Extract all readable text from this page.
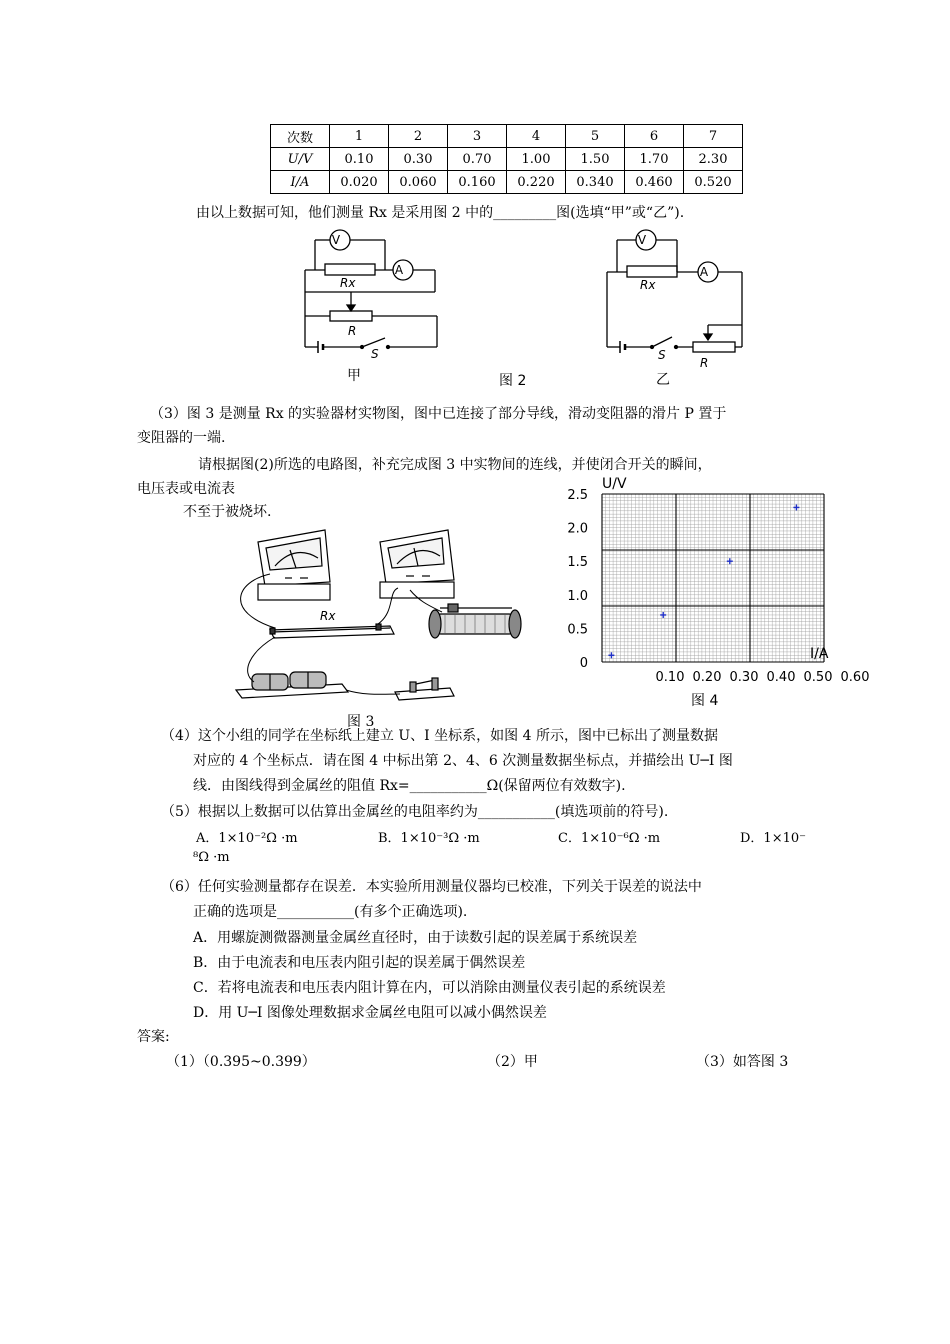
次数	1	2	3	4	5	6	7
U/V	0.10	0.30	0.70	1.00	1.50	1.70	2.30
I/A	0.020	0.060	0.160	0.220	0.340	0.460	0.520
由以上数据可知，他们测量 Rx 是采用图 2 中的_________图(选填“甲”或“乙”).
V
A
Rx
R
S
V
A
Rx
R
S
甲	图 2	乙
（3）图 3 是测量 Rx 的实验器材实物图，图中已连接了部分导线，滑动变阻器的滑片 P 置于
变阻器的一端.
请根据图(2)所选的电路图，补充完成图 3 中实物间的连线，并使闭合开关的瞬间，
电压表或电流表
不至于被烧坏.
Rx
图 3
2.5
2.0
1.5
1.0
0.5
0
0.10 0.20 0.30 0.40 0.50 0.60
U/V
I/A
图 4
（4）这个小组的同学在坐标纸上建立 U、I 坐标系，如图 4 所示，图中已标出了测量数据
对应的 4 个坐标点．请在图 4 中标出第 2、4、6 次测量数据坐标点，并描绘出 U─I 图
线．由图线得到金属丝的阻值 Rx=___________Ω(保留两位有效数字).
（5）根据以上数据可以估算出金属丝的电阻率约为___________(填选项前的符号).
A．1×10⁻²Ω ·m	B．1×10⁻³Ω ·m	C．1×10⁻⁶Ω ·m	D．1×10⁻
⁸Ω ·m
（6）任何实验测量都存在误差．本实验所用测量仪器均已校准，下列关于误差的说法中
正确的选项是___________(有多个正确选项).
A．用螺旋测微器测量金属丝直径时，由于读数引起的误差属于系统误差
B．由于电流表和电压表内阻引起的误差属于偶然误差
C．若将电流表和电压表内阻计算在内，可以消除由测量仪表引起的系统误差
D．用 U─I 图像处理数据求金属丝电阻可以减小偶然误差
答案:
（1）（0.395~0.399）	（2）甲	（3）如答图 3
